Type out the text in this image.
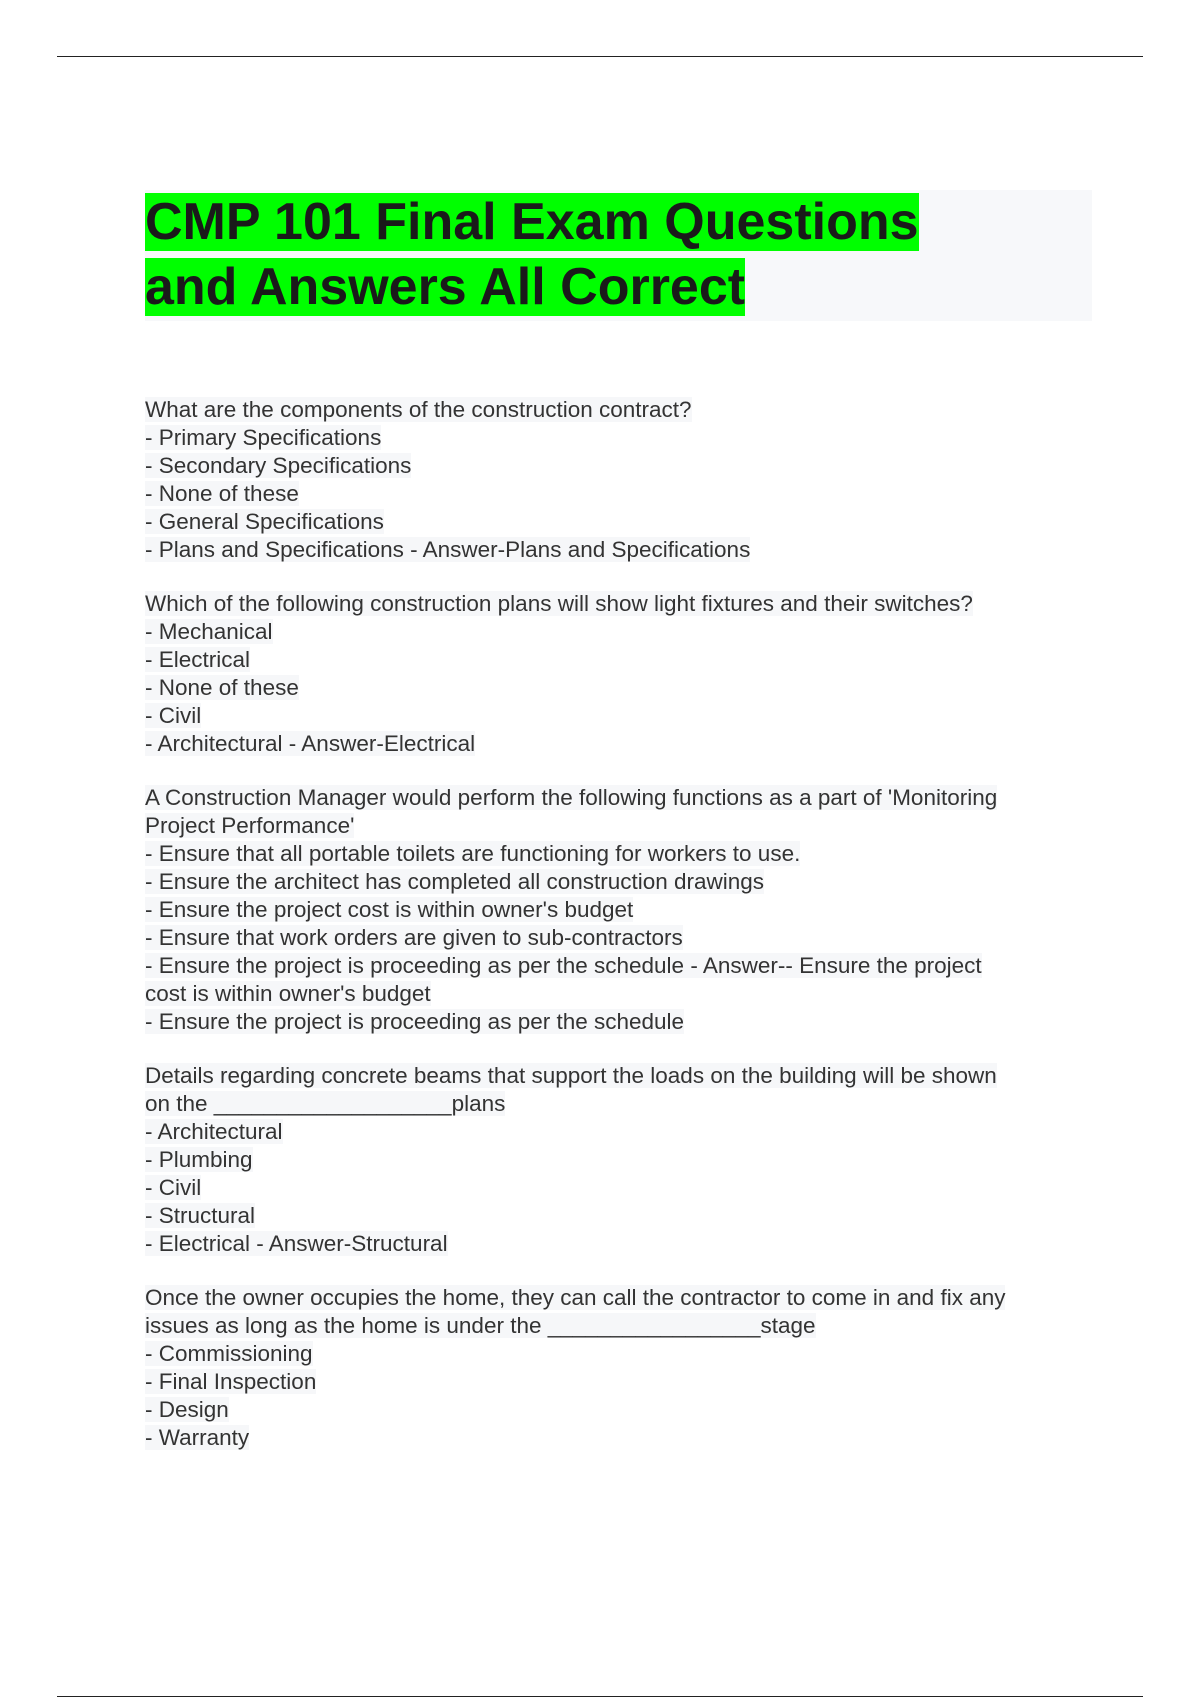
CMP 101 Final Exam Questions
and Answers All Correct
What are the components of the construction contract?
- Primary Specifications
- Secondary Specifications
- None of these
- General Specifications
- Plans and Specifications - Answer-Plans and Specifications
Which of the following construction plans will show light fixtures and their switches?
- Mechanical
- Electrical
- None of these
- Civil
- Architectural - Answer-Electrical
A Construction Manager would perform the following functions as a part of 'Monitoring
Project Performance'
- Ensure that all portable toilets are functioning for workers to use.
- Ensure the architect has completed all construction drawings
- Ensure the project cost is within owner's budget
- Ensure that work orders are given to sub-contractors
- Ensure the project is proceeding as per the schedule - Answer-- Ensure the project
cost is within owner's budget
- Ensure the project is proceeding as per the schedule
Details regarding concrete beams that support the loads on the building will be shown
on the ___________________plans
- Architectural
- Plumbing
- Civil
- Structural
- Electrical - Answer-Structural
Once the owner occupies the home, they can call the contractor to come in and fix any
issues as long as the home is under the _________________stage
- Commissioning
- Final Inspection
- Design
- Warranty
